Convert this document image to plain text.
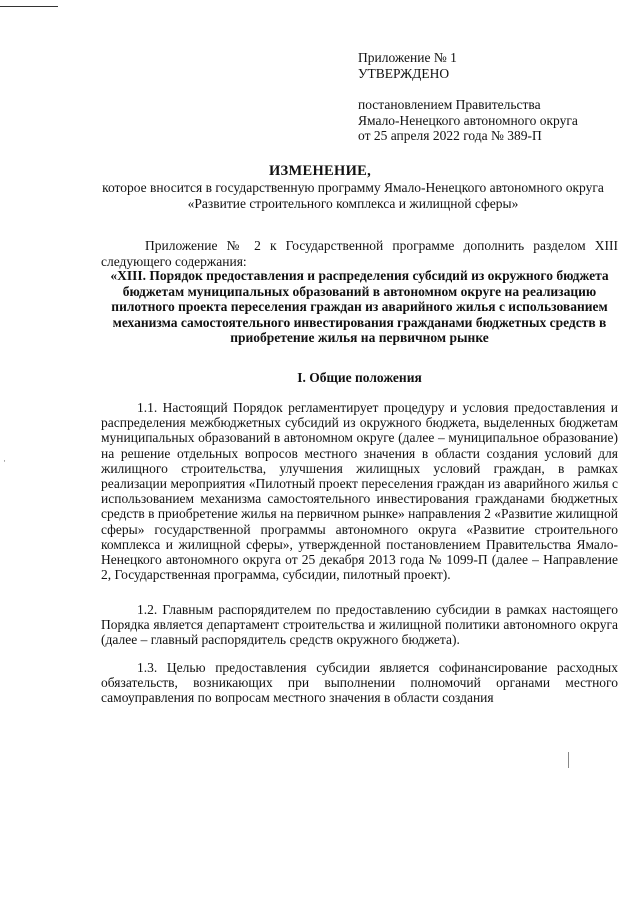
Приложение № 1
УТВЕРЖДЕНО
постановлением Правительства
Ямало-Ненецкого автономного округа
от 25 апреля 2022 года № 389-П
ИЗМЕНЕНИЕ,
которое вносится в государственную программу Ямало-Ненецкого автономного округа «Развитие строительного комплекса и жилищной сферы»
Приложение № 2 к Государственной программе дополнить разделом XIII следующего содержания:
«XIII. Порядок предоставления и распределения субсидий из окружного бюджета бюджетам муниципальных образований в автономном округе на реализацию пилотного проекта переселения граждан из аварийного жилья с использованием механизма самостоятельного инвестирования гражданами бюджетных средств в приобретение жилья на первичном рынке
I. Общие положения
1.1. Настоящий Порядок регламентирует процедуру и условия предоставления и распределения межбюджетных субсидий из окружного бюджета, выделенных бюджетам муниципальных образований в автономном округе (далее – муниципальное образование) на решение отдельных вопросов местного значения в области создания условий для жилищного строительства, улучшения жилищных условий граждан, в рамках реализации мероприятия «Пилотный проект переселения граждан из аварийного жилья с использованием механизма самостоятельного инвестирования гражданами бюджетных средств в приобретение жилья на первичном рынке» направления 2 «Развитие жилищной сферы» государственной программы автономного округа «Развитие строительного комплекса и жилищной сферы», утвержденной постановлением Правительства Ямало-Ненецкого автономного округа от 25 декабря 2013 года № 1099-П (далее – Направление 2, Государственная программа, субсидии, пилотный проект).
1.2. Главным распорядителем по предоставлению субсидии в рамках настоящего Порядка является департамент строительства и жилищной политики автономного округа (далее – главный распорядитель средств окружного бюджета).
1.3. Целью предоставления субсидии является софинансирование расходных обязательств, возникающих при выполнении полномочий органами местного самоуправления по вопросам местного значения в области создания
·
